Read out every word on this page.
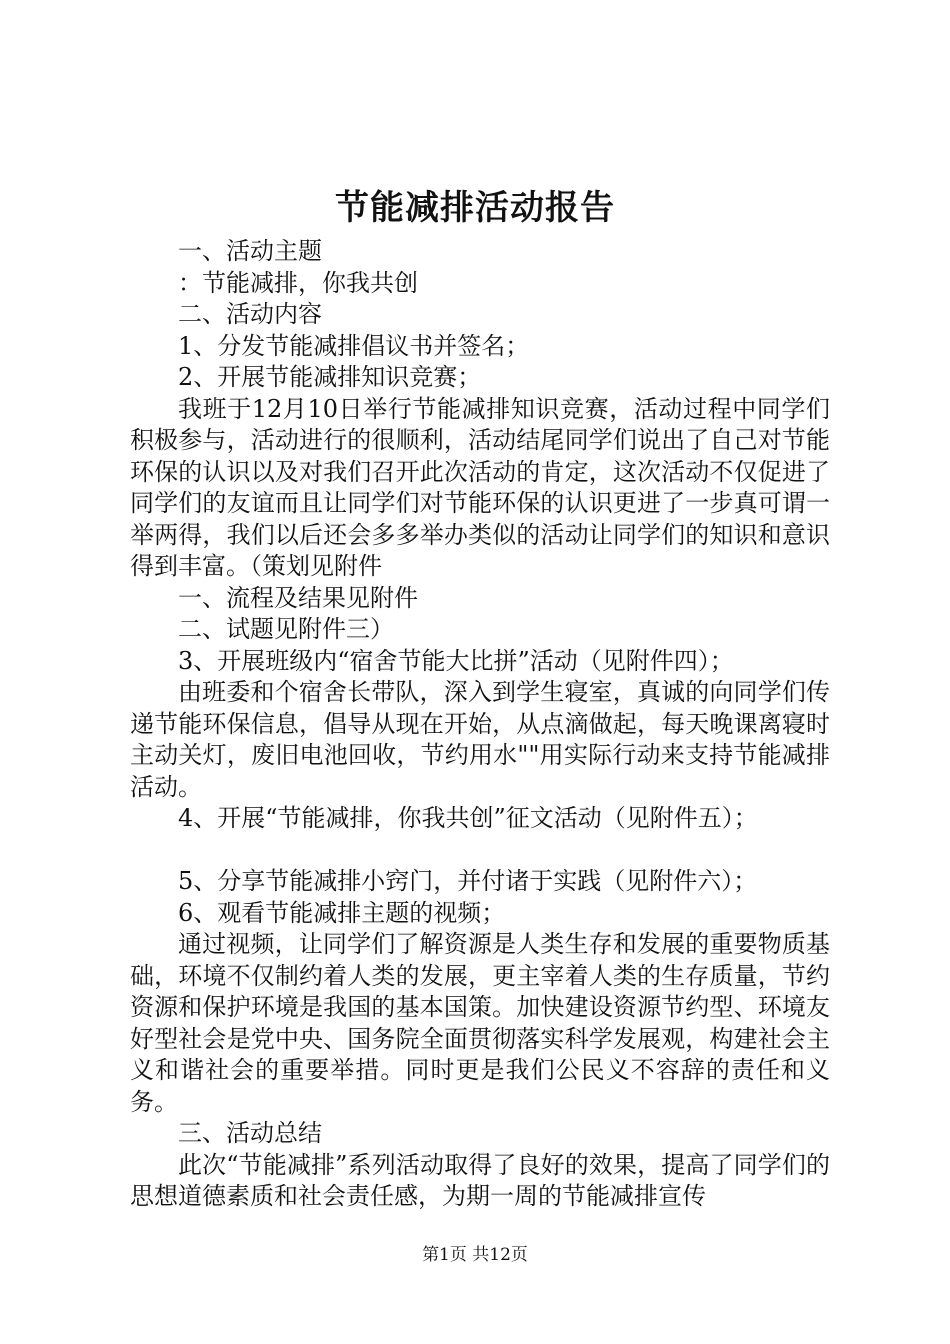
节能减排活动报告
一、活动主题
：节能减排，你我共创
二、活动内容
1、分发节能减排倡议书并签名；
2、开展节能减排知识竞赛；
我班于12月10日举行节能减排知识竞赛，活动过程中同学们积极参与，活动进行的很顺利，活动结尾同学们说出了自己对节能环保的认识以及对我们召开此次活动的肯定，这次活动不仅促进了同学们的友谊而且让同学们对节能环保的认识更进了一步真可谓一举两得，我们以后还会多多举办类似的活动让同学们的知识和意识得到丰富。（策划见附件
一、流程及结果见附件
二、试题见附件三）
3、开展班级内“宿舍节能大比拼”活动（见附件四）；
由班委和个宿舍长带队，深入到学生寝室，真诚的向同学们传递节能环保信息，倡导从现在开始，从点滴做起，每天晚课离寝时主动关灯，废旧电池回收，节约用水""用实际行动来支持节能减排活动。
4、开展“节能减排，你我共创”征文活动（见附件五）；
5、分享节能减排小窍门，并付诸于实践（见附件六）；
6、观看节能减排主题的视频；
通过视频，让同学们了解资源是人类生存和发展的重要物质基础，环境不仅制约着人类的发展，更主宰着人类的生存质量，节约资源和保护环境是我国的基本国策。加快建设资源节约型、环境友好型社会是党中央、国务院全面贯彻落实科学发展观，构建社会主义和谐社会的重要举措。同时更是我们公民义不容辞的责任和义务。
三、活动总结
此次“节能减排”系列活动取得了良好的效果，提高了同学们的思想道德素质和社会责任感，为期一周的节能减排宣传
第1页 共12页
